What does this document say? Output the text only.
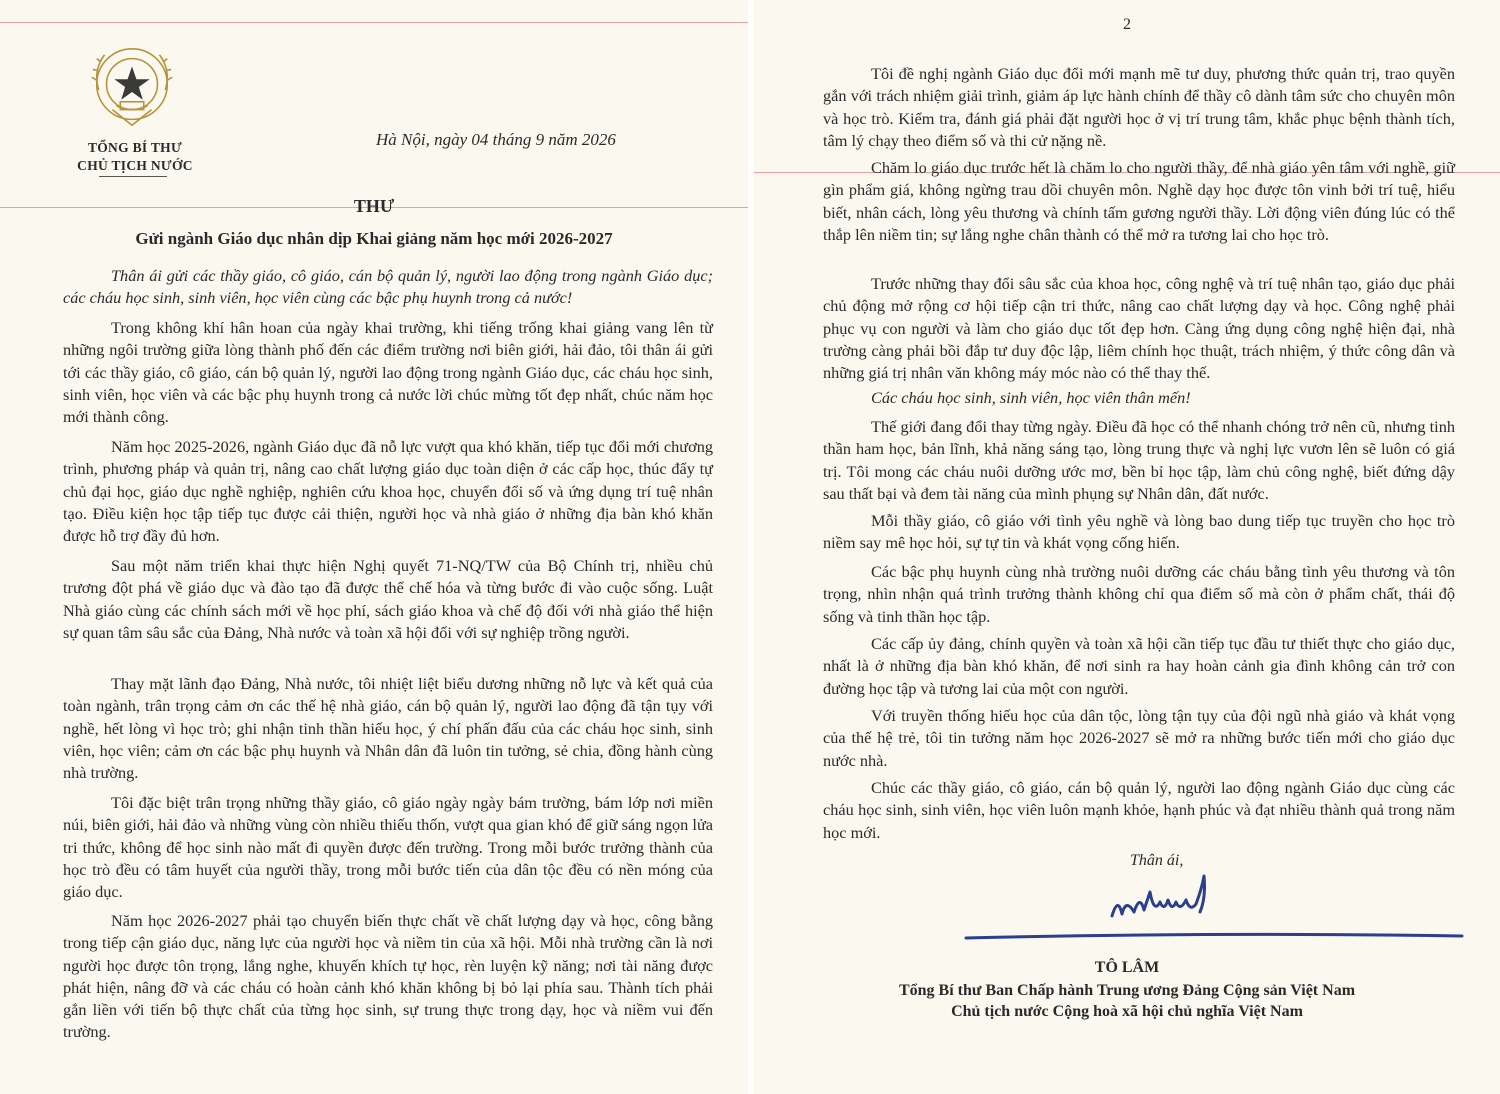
TỔNG BÍ THƯ
CHỦ TỊCH NƯỚC
Hà Nội, ngày 04 tháng 9 năm 2026
THƯ
Gửi ngành Giáo dục nhân dịp Khai giảng năm học mới 2026-2027

Thân ái gửi các thầy giáo, cô giáo, cán bộ quản lý, người lao động trong ngành Giáo dục; các cháu học sinh, sinh viên, học viên cùng các bậc phụ huynh trong cả nước!

Trong không khí hân hoan của ngày khai trường, khi tiếng trống khai giảng vang lên từ những ngôi trường giữa lòng thành phố đến các điểm trường nơi biên giới, hải đảo, tôi thân ái gửi tới các thầy giáo, cô giáo, cán bộ quản lý, người lao động trong ngành Giáo dục, các cháu học sinh, sinh viên, học viên và các bậc phụ huynh trong cả nước lời chúc mừng tốt đẹp nhất, chúc năm học mới thành công.

Năm học 2025-2026, ngành Giáo dục đã nỗ lực vượt qua khó khăn, tiếp tục đổi mới chương trình, phương pháp và quản trị, nâng cao chất lượng giáo dục toàn diện ở các cấp học, thúc đẩy tự chủ đại học, giáo dục nghề nghiệp, nghiên cứu khoa học, chuyển đổi số và ứng dụng trí tuệ nhân tạo. Điều kiện học tập tiếp tục được cải thiện, người học và nhà giáo ở những địa bàn khó khăn được hỗ trợ đầy đủ hơn.

Sau một năm triển khai thực hiện Nghị quyết 71-NQ/TW của Bộ Chính trị, nhiều chủ trương đột phá về giáo dục và đào tạo đã được thể chế hóa và từng bước đi vào cuộc sống. Luật Nhà giáo cùng các chính sách mới về học phí, sách giáo khoa và chế độ đối với nhà giáo thể hiện sự quan tâm sâu sắc của Đảng, Nhà nước và toàn xã hội đối với sự nghiệp trồng người.

Thay mặt lãnh đạo Đảng, Nhà nước, tôi nhiệt liệt biểu dương những nỗ lực và kết quả của toàn ngành, trân trọng cảm ơn các thế hệ nhà giáo, cán bộ quản lý, người lao động đã tận tụy với nghề, hết lòng vì học trò; ghi nhận tinh thần hiếu học, ý chí phấn đấu của các cháu học sinh, sinh viên, học viên; cảm ơn các bậc phụ huynh và Nhân dân đã luôn tin tưởng, sẻ chia, đồng hành cùng nhà trường.

Tôi đặc biệt trân trọng những thầy giáo, cô giáo ngày ngày bám trường, bám lớp nơi miền núi, biên giới, hải đảo và những vùng còn nhiều thiếu thốn, vượt qua gian khó để giữ sáng ngọn lửa tri thức, không để học sinh nào mất đi quyền được đến trường. Trong mỗi bước trưởng thành của học trò đều có tâm huyết của người thầy, trong mỗi bước tiến của dân tộc đều có nền móng của giáo dục.

Năm học 2026-2027 phải tạo chuyển biến thực chất về chất lượng dạy và học, công bằng trong tiếp cận giáo dục, năng lực của người học và niềm tin của xã hội. Mỗi nhà trường cần là nơi người học được tôn trọng, lắng nghe, khuyến khích tự học, rèn luyện kỹ năng; nơi tài năng được phát hiện, nâng đỡ và các cháu có hoàn cảnh khó khăn không bị bỏ lại phía sau. Thành tích phải gắn liền với tiến bộ thực chất của từng học sinh, sự trung thực trong dạy, học và niềm vui đến trường.

2

Tôi đề nghị ngành Giáo dục đổi mới mạnh mẽ tư duy, phương thức quản trị, trao quyền gắn với trách nhiệm giải trình, giảm áp lực hành chính để thầy cô dành tâm sức cho chuyên môn và học trò. Kiểm tra, đánh giá phải đặt người học ở vị trí trung tâm, khắc phục bệnh thành tích, tâm lý chạy theo điểm số và thi cử nặng nề.

Chăm lo giáo dục trước hết là chăm lo cho người thầy, để nhà giáo yên tâm với nghề, giữ gìn phẩm giá, không ngừng trau dồi chuyên môn. Nghề dạy học được tôn vinh bởi trí tuệ, hiểu biết, nhân cách, lòng yêu thương và chính tấm gương người thầy. Lời động viên đúng lúc có thể thắp lên niềm tin; sự lắng nghe chân thành có thể mở ra tương lai cho học trò.

Trước những thay đổi sâu sắc của khoa học, công nghệ và trí tuệ nhân tạo, giáo dục phải chủ động mở rộng cơ hội tiếp cận tri thức, nâng cao chất lượng dạy và học. Công nghệ phải phục vụ con người và làm cho giáo dục tốt đẹp hơn. Càng ứng dụng công nghệ hiện đại, nhà trường càng phải bồi đắp tư duy độc lập, liêm chính học thuật, trách nhiệm, ý thức công dân và những giá trị nhân văn không máy móc nào có thể thay thế.

Các cháu học sinh, sinh viên, học viên thân mến!

Thế giới đang đổi thay từng ngày. Điều đã học có thể nhanh chóng trở nên cũ, nhưng tinh thần ham học, bản lĩnh, khả năng sáng tạo, lòng trung thực và nghị lực vươn lên sẽ luôn có giá trị. Tôi mong các cháu nuôi dưỡng ước mơ, bền bỉ học tập, làm chủ công nghệ, biết đứng dậy sau thất bại và đem tài năng của mình phụng sự Nhân dân, đất nước.

Mỗi thầy giáo, cô giáo với tình yêu nghề và lòng bao dung tiếp tục truyền cho học trò niềm say mê học hỏi, sự tự tin và khát vọng cống hiến.

Các bậc phụ huynh cùng nhà trường nuôi dưỡng các cháu bằng tình yêu thương và tôn trọng, nhìn nhận quá trình trưởng thành không chỉ qua điểm số mà còn ở phẩm chất, thái độ sống và tinh thần học tập.

Các cấp ủy đảng, chính quyền và toàn xã hội cần tiếp tục đầu tư thiết thực cho giáo dục, nhất là ở những địa bàn khó khăn, để nơi sinh ra hay hoàn cảnh gia đình không cản trở con đường học tập và tương lai của một con người.

Với truyền thống hiếu học của dân tộc, lòng tận tụy của đội ngũ nhà giáo và khát vọng của thế hệ trẻ, tôi tin tưởng năm học 2026-2027 sẽ mở ra những bước tiến mới cho giáo dục nước nhà.

Chúc các thầy giáo, cô giáo, cán bộ quản lý, người lao động ngành Giáo dục cùng các cháu học sinh, sinh viên, học viên luôn mạnh khỏe, hạnh phúc và đạt nhiều thành quả trong năm học mới.

Thân ái,
TÔ LÂM
Tổng Bí thư Ban Chấp hành Trung ương Đảng Cộng sản Việt Nam
Chủ tịch nước Cộng hoà xã hội chủ nghĩa Việt Nam
